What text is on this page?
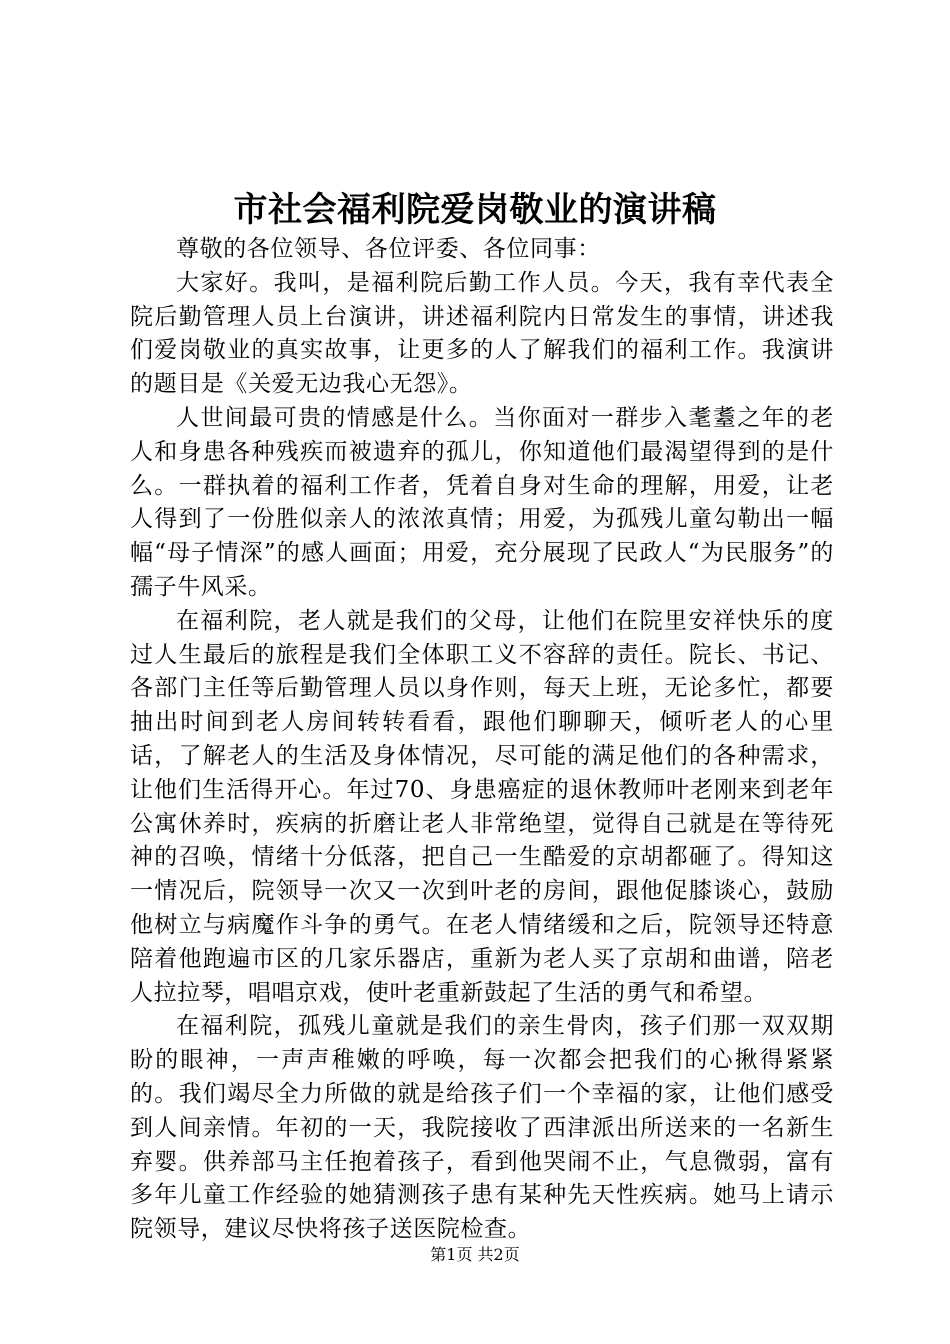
市社会福利院爱岗敬业的演讲稿

尊敬的各位领导、各位评委、各位同事：

大家好。我叫，是福利院后勤工作人员。今天，我有幸代表全院后勤管理人员上台演讲，讲述福利院内日常发生的事情，讲述我们爱岗敬业的真实故事，让更多的人了解我们的福利工作。我演讲的题目是《关爱无边我心无怨》。

人世间最可贵的情感是什么。当你面对一群步入耄耋之年的老人和身患各种残疾而被遗弃的孤儿，你知道他们最渴望得到的是什么。一群执着的福利工作者，凭着自身对生命的理解，用爱，让老人得到了一份胜似亲人的浓浓真情；用爱，为孤残儿童勾勒出一幅幅“母子情深”的感人画面；用爱，充分展现了民政人“为民服务”的孺子牛风采。

在福利院，老人就是我们的父母，让他们在院里安祥快乐的度过人生最后的旅程是我们全体职工义不容辞的责任。院长、书记、各部门主任等后勤管理人员以身作则，每天上班，无论多忙，都要抽出时间到老人房间转转看看，跟他们聊聊天，倾听老人的心里话，了解老人的生活及身体情况，尽可能的满足他们的各种需求，让他们生活得开心。年过70、身患癌症的退休教师叶老刚来到老年公寓休养时，疾病的折磨让老人非常绝望，觉得自己就是在等待死神的召唤，情绪十分低落，把自己一生酷爱的京胡都砸了。得知这一情况后，院领导一次又一次到叶老的房间，跟他促膝谈心，鼓励他树立与病魔作斗争的勇气。在老人情绪缓和之后，院领导还特意陪着他跑遍市区的几家乐器店，重新为老人买了京胡和曲谱，陪老人拉拉琴，唱唱京戏，使叶老重新鼓起了生活的勇气和希望。

在福利院，孤残儿童就是我们的亲生骨肉，孩子们那一双双期盼的眼神，一声声稚嫩的呼唤，每一次都会把我们的心揪得紧紧的。我们竭尽全力所做的就是给孩子们一个幸福的家，让他们感受到人间亲情。年初的一天，我院接收了西津派出所送来的一名新生弃婴。供养部马主任抱着孩子，看到他哭闹不止，气息微弱，富有多年儿童工作经验的她猜测孩子患有某种先天性疾病。她马上请示院领导，建议尽快将孩子送医院检查。

第1页 共2页
